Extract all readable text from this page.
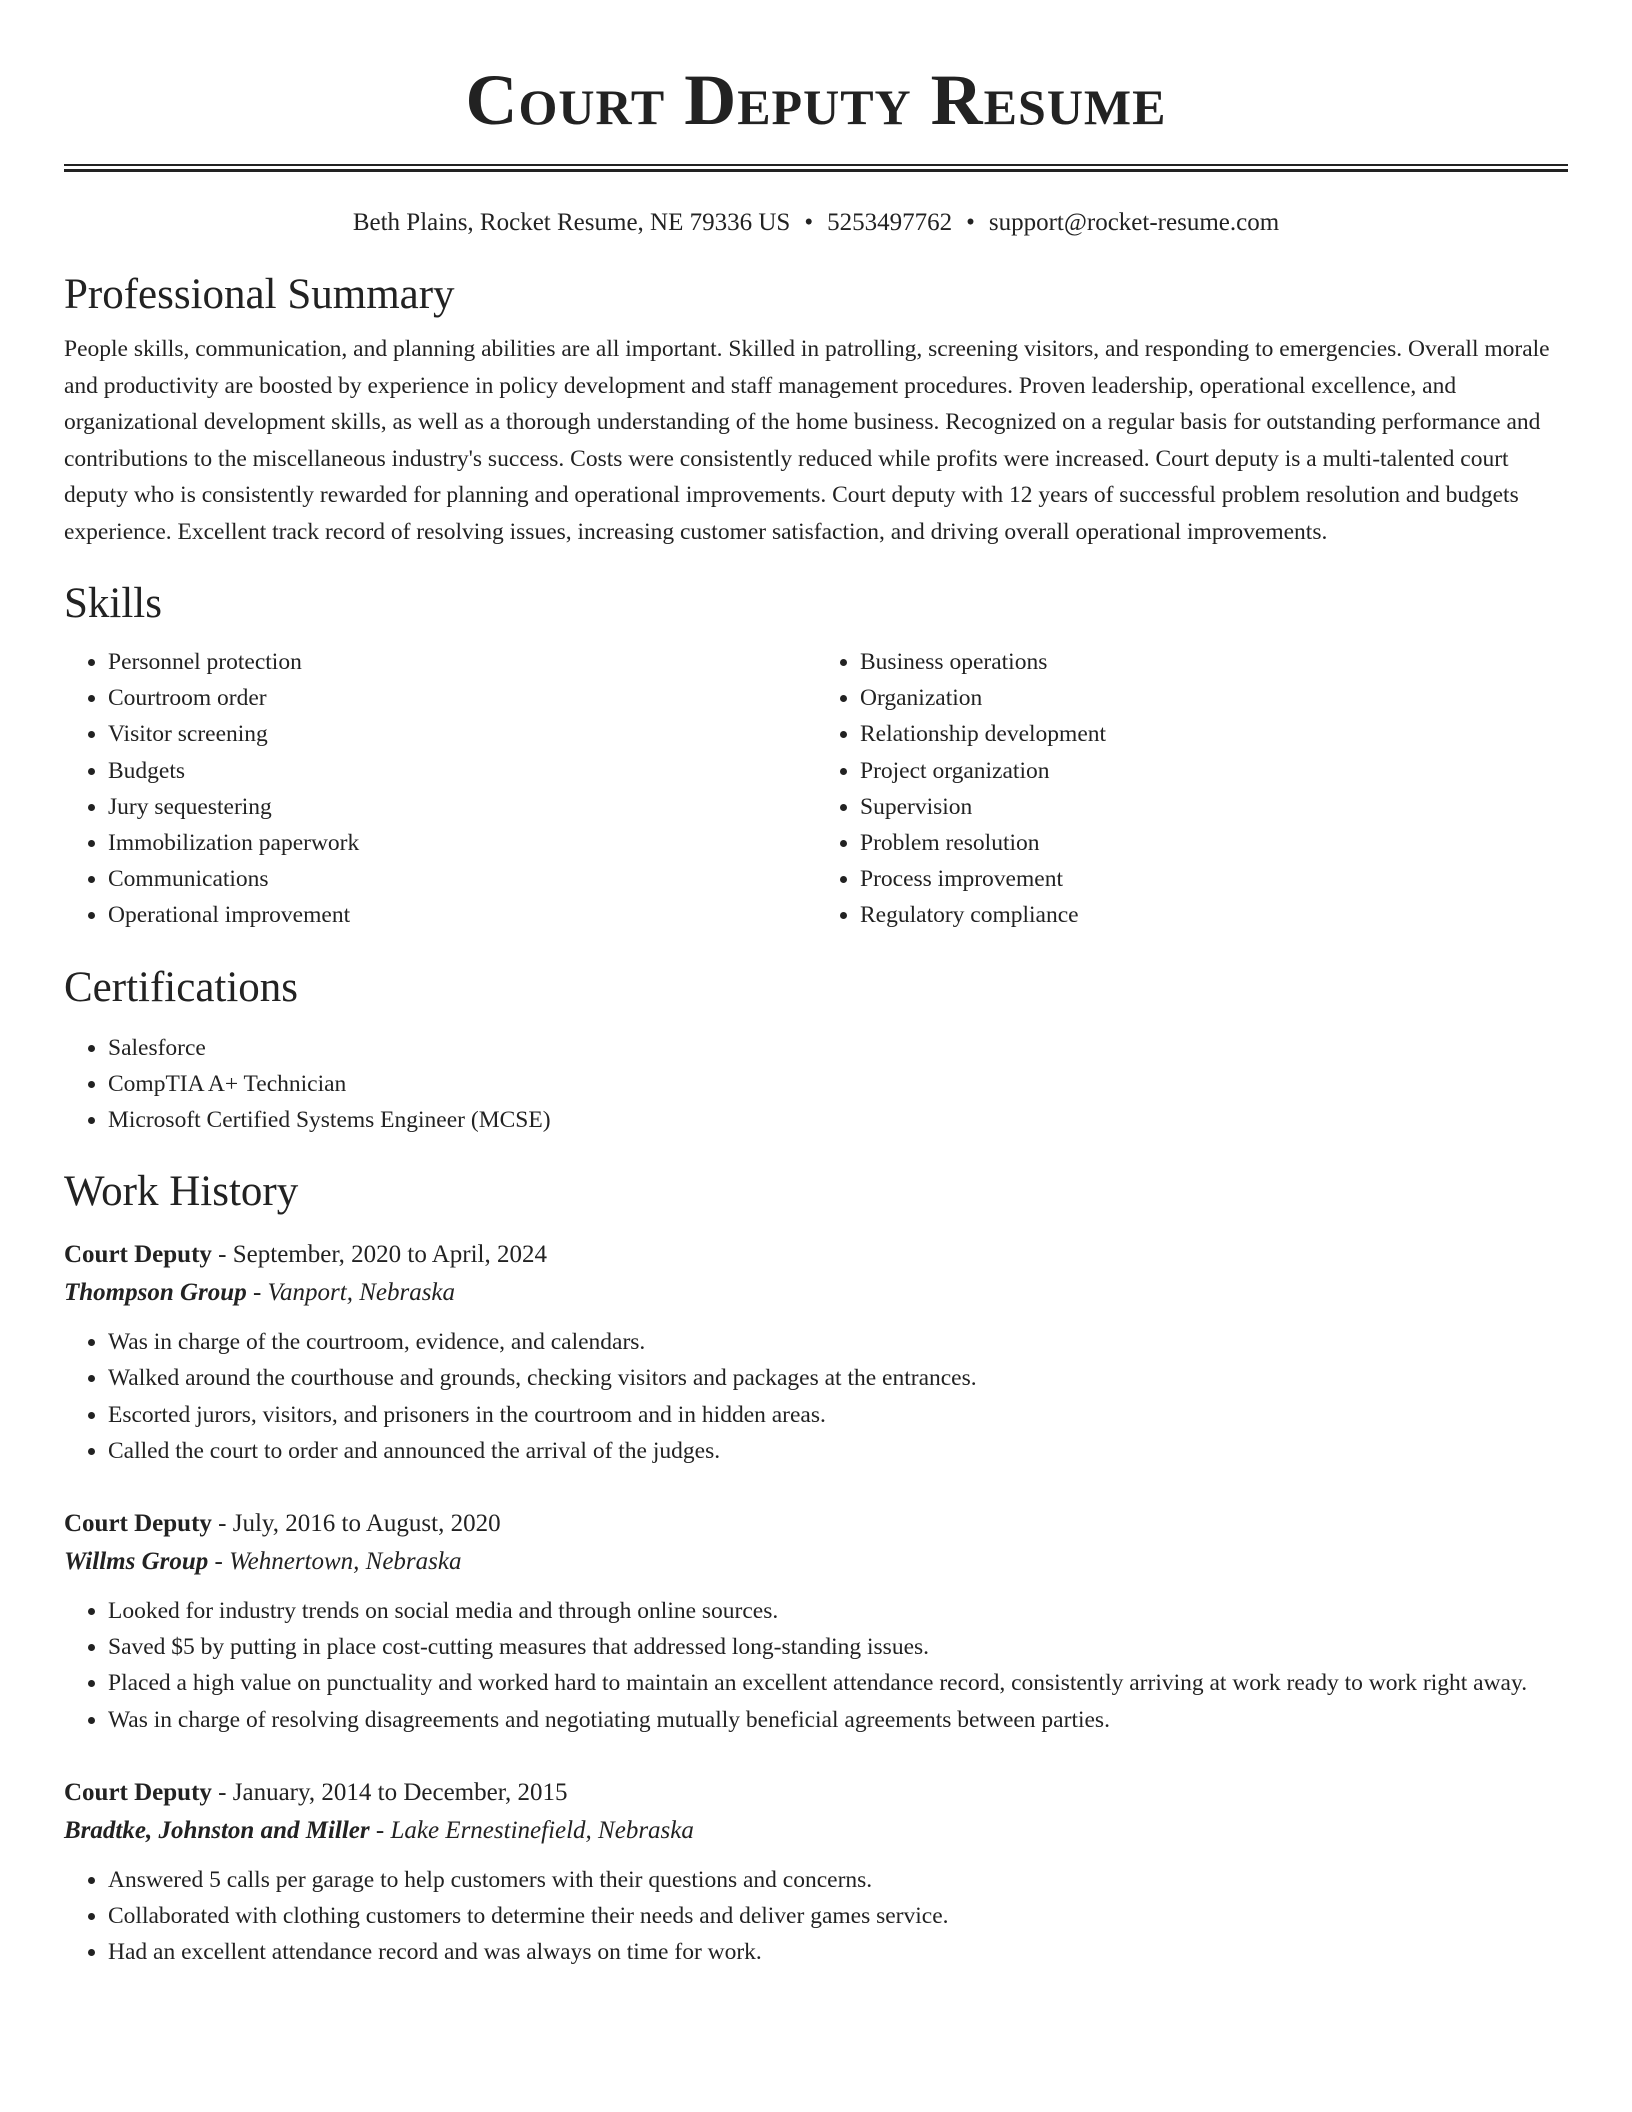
Court Deputy Resume
Beth Plains, Rocket Resume, NE 79336 US • 5253497762 • support@rocket-resume.com
Professional Summary

People skills, communication, and planning abilities are all important. Skilled in patrolling, screening visitors, and responding to emergencies. Overall morale and productivity are boosted by experience in policy development and staff management procedures. Proven leadership, operational excellence, and organizational development skills, as well as a thorough understanding of the home business. Recognized on a regular basis for outstanding performance and contributions to the miscellaneous industry's success. Costs were consistently reduced while profits were increased. Court deputy is a multi-talented court deputy who is consistently rewarded for planning and operational improvements. Court deputy with 12 years of successful problem resolution and budgets experience. Excellent track record of resolving issues, increasing customer satisfaction, and driving overall operational improvements.

Skills
• Personnel protection
• Courtroom order
• Visitor screening
• Budgets
• Jury sequestering
• Immobilization paperwork
• Communications
• Operational improvement
• Business operations
• Organization
• Relationship development
• Project organization
• Supervision
• Problem resolution
• Process improvement
• Regulatory compliance
Certifications
• Salesforce
• CompTIA A+ Technician
• Microsoft Certified Systems Engineer (MCSE)
Work History
Court Deputy - September, 2020 to April, 2024
Thompson Group - Vanport, Nebraska
• Was in charge of the courtroom, evidence, and calendars.
• Walked around the courthouse and grounds, checking visitors and packages at the entrances.
• Escorted jurors, visitors, and prisoners in the courtroom and in hidden areas.
• Called the court to order and announced the arrival of the judges.
Court Deputy - July, 2016 to August, 2020
Willms Group - Wehnertown, Nebraska
• Looked for industry trends on social media and through online sources.
• Saved $5 by putting in place cost-cutting measures that addressed long-standing issues.
• Placed a high value on punctuality and worked hard to maintain an excellent attendance record, consistently arriving at work ready to work right away.
• Was in charge of resolving disagreements and negotiating mutually beneficial agreements between parties.
Court Deputy - January, 2014 to December, 2015
Bradtke, Johnston and Miller - Lake Ernestinefield, Nebraska
• Answered 5 calls per garage to help customers with their questions and concerns.
• Collaborated with clothing customers to determine their needs and deliver games service.
• Had an excellent attendance record and was always on time for work.
